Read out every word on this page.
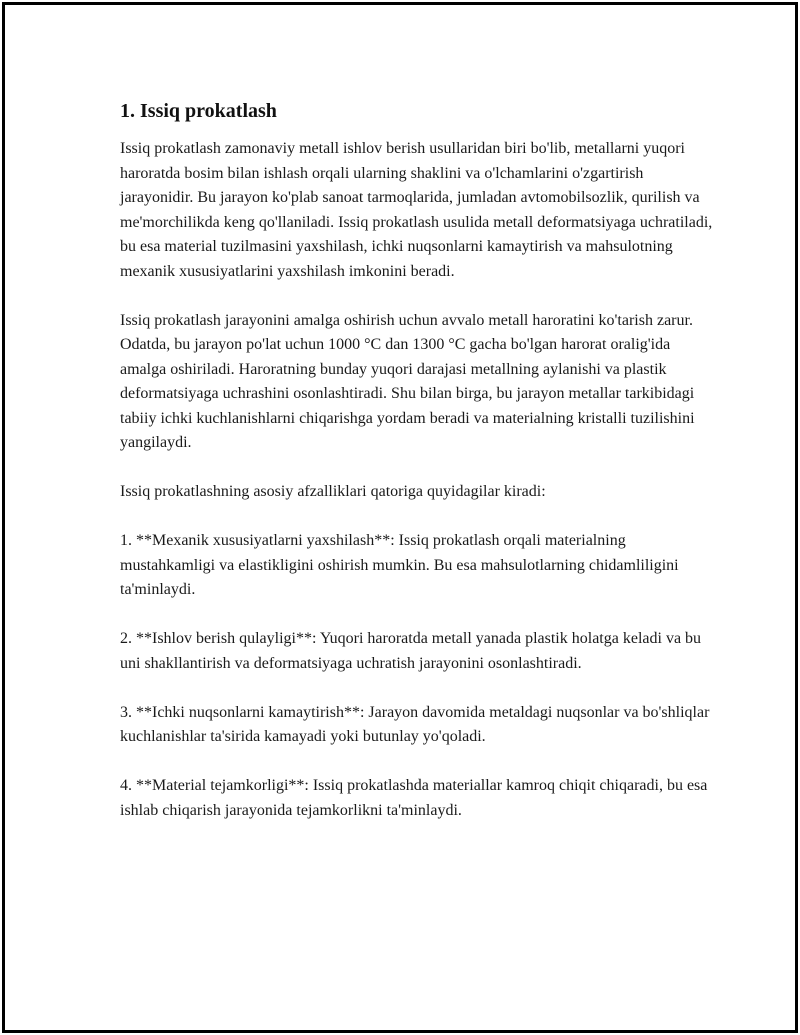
1. Issiq prokatlash

Issiq prokatlash zamonaviy metall ishlov berish usullaridan biri bo'lib, metallarni yuqori haroratda bosim bilan ishlash orqali ularning shaklini va o'lchamlarini o'zgartirish jarayonidir. Bu jarayon ko'plab sanoat tarmoqlarida, jumladan avtomobilsozlik, qurilish va me'morchilikda keng qo'llaniladi. Issiq prokatlash usulida metall deformatsiyaga uchratiladi, bu esa material tuzilmasini yaxshilash, ichki nuqsonlarni kamaytirish va mahsulotning mexanik xususiyatlarini yaxshilash imkonini beradi.

Issiq prokatlash jarayonini amalga oshirish uchun avvalo metall haroratini ko'tarish zarur. Odatda, bu jarayon po'lat uchun 1000 °C dan 1300 °C gacha bo'lgan harorat oralig'ida amalga oshiriladi. Haroratning bunday yuqori darajasi metallning aylanishi va plastik deformatsiyaga uchrashini osonlashtiradi. Shu bilan birga, bu jarayon metallar tarkibidagi tabiiy ichki kuchlanishlarni chiqarishga yordam beradi va materialning kristalli tuzilishini yangilaydi.

Issiq prokatlashning asosiy afzalliklari qatoriga quyidagilar kiradi:

1. **Mexanik xususiyatlarni yaxshilash**: Issiq prokatlash orqali materialning mustahkamligi va elastikligini oshirish mumkin. Bu esa mahsulotlarning chidamliligini ta'minlaydi.

2. **Ishlov berish qulayligi**: Yuqori haroratda metall yanada plastik holatga keladi va bu uni shakllantirish va deformatsiyaga uchratish jarayonini osonlashtiradi.

3. **Ichki nuqsonlarni kamaytirish**: Jarayon davomida metaldagi nuqsonlar va bo'shliqlar kuchlanishlar ta'sirida kamayadi yoki butunlay yo'qoladi.

4. **Material tejamkorligi**: Issiq prokatlashda materiallar kamroq chiqit chiqaradi, bu esa ishlab chiqarish jarayonida tejamkorlikni ta'minlaydi.
